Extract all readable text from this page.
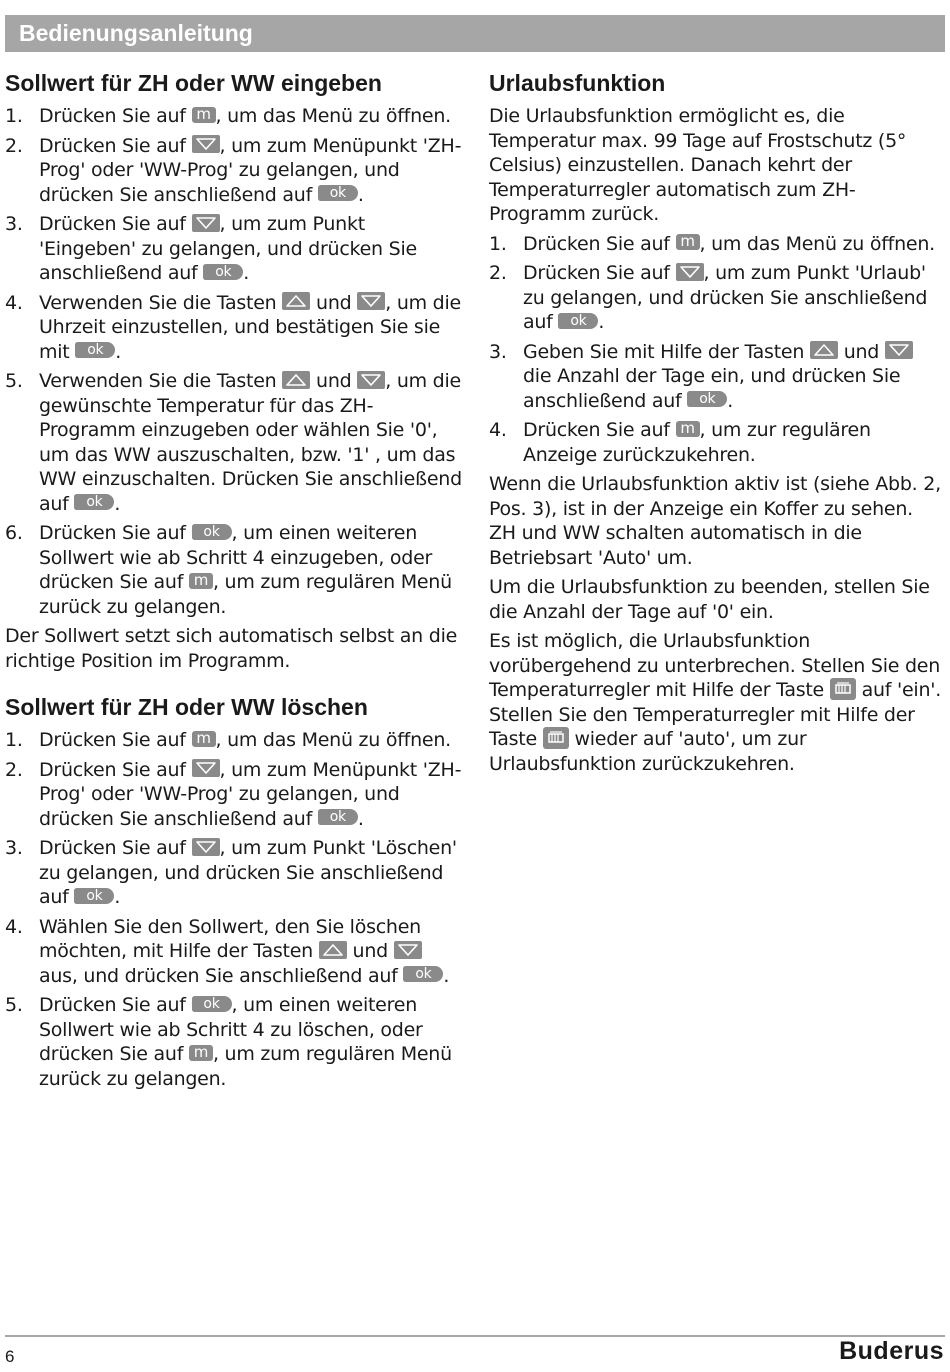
Bedienungsanleitung
Sollwert für ZH oder WW eingeben
1. Drücken Sie auf m , um das Menü zu öffnen.
2. Drücken Sie auf
, um zum Menüpunkt 'ZH-Prog' oder 'WW-Prog' zu gelangen, und drücken Sie anschließend auf ok .
3. Drücken Sie auf
, um zum Punkt 'Eingeben' zu gelangen, und drücken Sie anschließend auf ok .
4. Verwenden Sie die Tasten
und
, um die Uhrzeit einzustellen, und bestätigen Sie sie mit ok .
5. Verwenden Sie die Tasten
und
, um die gewünschte Temperatur für das ZH-Programm einzugeben oder wählen Sie '0', um das WW auszuschalten, bzw. '1' , um das WW einzuschalten. Drücken Sie anschließend auf ok .
6. Drücken Sie auf ok , um einen weiteren Sollwert wie ab Schritt 4 einzugeben, oder drücken Sie auf m , um zum regulären Menü zurück zu gelangen.

Der Sollwert setzt sich automatisch selbst an die richtige Position im Programm.

Sollwert für ZH oder WW löschen
1. Drücken Sie auf m , um das Menü zu öffnen.
2. Drücken Sie auf
, um zum Menüpunkt 'ZH-Prog' oder 'WW-Prog' zu gelangen, und drücken Sie anschließend auf ok .
3. Drücken Sie auf
, um zum Punkt 'Löschen' zu gelangen, und drücken Sie anschließend auf ok .
4. Wählen Sie den Sollwert, den Sie löschen möchten, mit Hilfe der Tasten
und
aus, und drücken Sie anschließend auf ok .
5. Drücken Sie auf ok , um einen weiteren Sollwert wie ab Schritt 4 zu löschen, oder drücken Sie auf m , um zum regulären Menü zurück zu gelangen.
Urlaubsfunktion

Die Urlaubsfunktion ermöglicht es, die Temperatur max. 99 Tage auf Frostschutz (5° Celsius) einzustellen. Danach kehrt der Temperaturregler automatisch zum ZH-Programm zurück.

1. Drücken Sie auf m , um das Menü zu öffnen.
2. Drücken Sie auf
, um zum Punkt 'Urlaub' zu gelangen, und drücken Sie anschließend auf ok .
3. Geben Sie mit Hilfe der Tasten
und
die Anzahl der Tage ein, und drücken Sie anschließend auf ok .
4. Drücken Sie auf m , um zur regulären Anzeige zurückzukehren.

Wenn die Urlaubsfunktion aktiv ist (siehe Abb. 2, Pos. 3), ist in der Anzeige ein Koffer zu sehen. ZH und WW schalten automatisch in die Betriebsart 'Auto' um.

Um die Urlaubsfunktion zu beenden, stellen Sie die Anzahl der Tage auf '0' ein.

Es ist möglich, die Urlaubsfunktion vorübergehend zu unterbrechen. Stellen Sie den Temperaturregler mit Hilfe der Taste
auf 'ein'. Stellen Sie den Temperaturregler mit Hilfe der Taste
wieder auf 'auto', um zur Urlaubsfunktion zurückzukehren.

6	Buderus
